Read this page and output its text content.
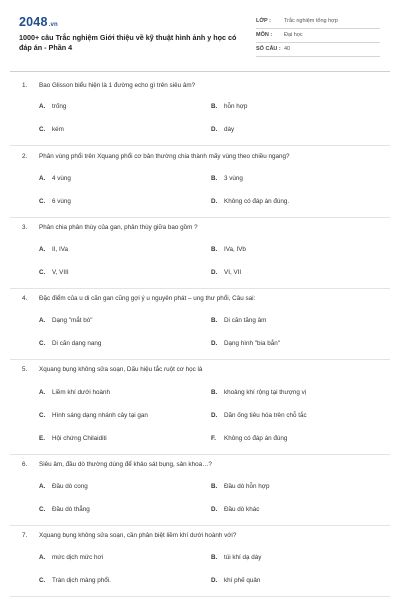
2048.vn
1000+ câu Trắc nghiệm Giới thiệu về kỹ thuật hình ảnh y học có đáp án - Phần 4
LỚP : Trắc nghiệm tổng hợp
MÔN : Đại học
SỐ CÂU : 40
1. Bao Glisson biểu hiện là 1 đường echo gì trên siêu âm?
A. trống	B. hỗn hợp
C. kém	D. dày
2. Phân vùng phổi trên Xquang phổi cơ bản thường chia thành mấy vùng theo chiều ngang?
A. 4 vùng	B. 3 vùng
C. 6 vùng	D. Không có đáp án đúng.
3. Phân chia phân thùy của gan, phân thùy giữa bao gồm ?
A. II, IVa	B. IVa, IVb
C. V, VIII	D. VI, VII
4. Đặc điểm của u di căn gan cũng gợi ý u nguyên phát – ung thư phổi, Câu sai:
A. Dạng "mắt bò"	B. Di căn tăng âm
C. Di căn dạng nang	D. Dạng hình "bia bắn"
5. Xquang bụng không sửa soạn, Dấu hiệu tắc ruột cơ học là
A. Liềm khí dưới hoành	B. khoảng khí rộng tại thượng vị
C. Hình sáng dạng nhánh cây tại gan	D. Dãn ống tiêu hóa trên chỗ tắc
E. Hội chứng Chilaiditi	F. Không có đáp án đúng
6. Siêu âm, đầu dò thường dùng để khảo sát bụng, sản khoa…?
A. Đầu dò cong	B. Đầu dò hỗn hợp
C. Đầu dò thẳng	D. Đầu dò khác
7. Xquang bụng không sửa soạn, cần phân biệt liềm khí dưới hoành với?
A. mức dịch mức hơi	B. túi khí dạ dày
C. Tràn dịch màng phổi.	D. khí phế quản
